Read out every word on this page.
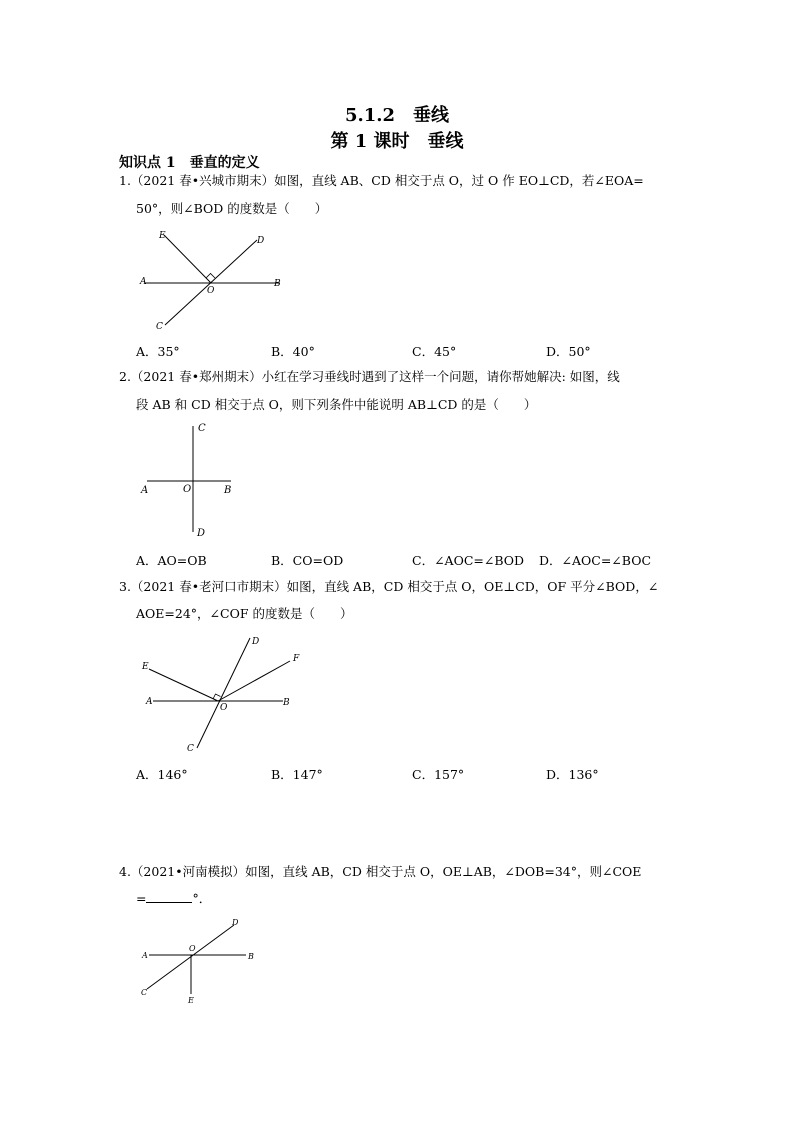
5.1.2　垂线
第 1 课时　垂线
知识点 1　垂直的定义
1.（2021 春•兴城市期末）如图，直线 AB、CD 相交于点 O，过 O 作 EO⊥CD，若∠EOA=
50°，则∠BOD 的度数是（　　）
E	D
A
O
B
C
A．35°	B．40°	C．45°	D．50°
2.（2021 春•郑州期末）小红在学习垂线时遇到了这样一个问题，请你帮她解决: 如图，线
段 AB 和 CD 相交于点 O，则下列条件中能说明 AB⊥CD 的是（　　）
C
A	O	B
D
A．AO=OB	B．CO=OD	C．∠AOC=∠BOD D．∠AOC=∠BOC
3.（2021 春•老河口市期末）如图，直线 AB，CD 相交于点 O，OE⊥CD，OF 平分∠BOD，∠
AOE=24°，∠COF 的度数是（　　）
D
F
E
A
O	B
C
A．146°	B．147°	C．157°	D．136°
4.（2021•河南模拟）如图，直线 AB，CD 相交于点 O，OE⊥AB，∠DOB=34°，则∠COE
=	°．
D
A
O
B
C
E
